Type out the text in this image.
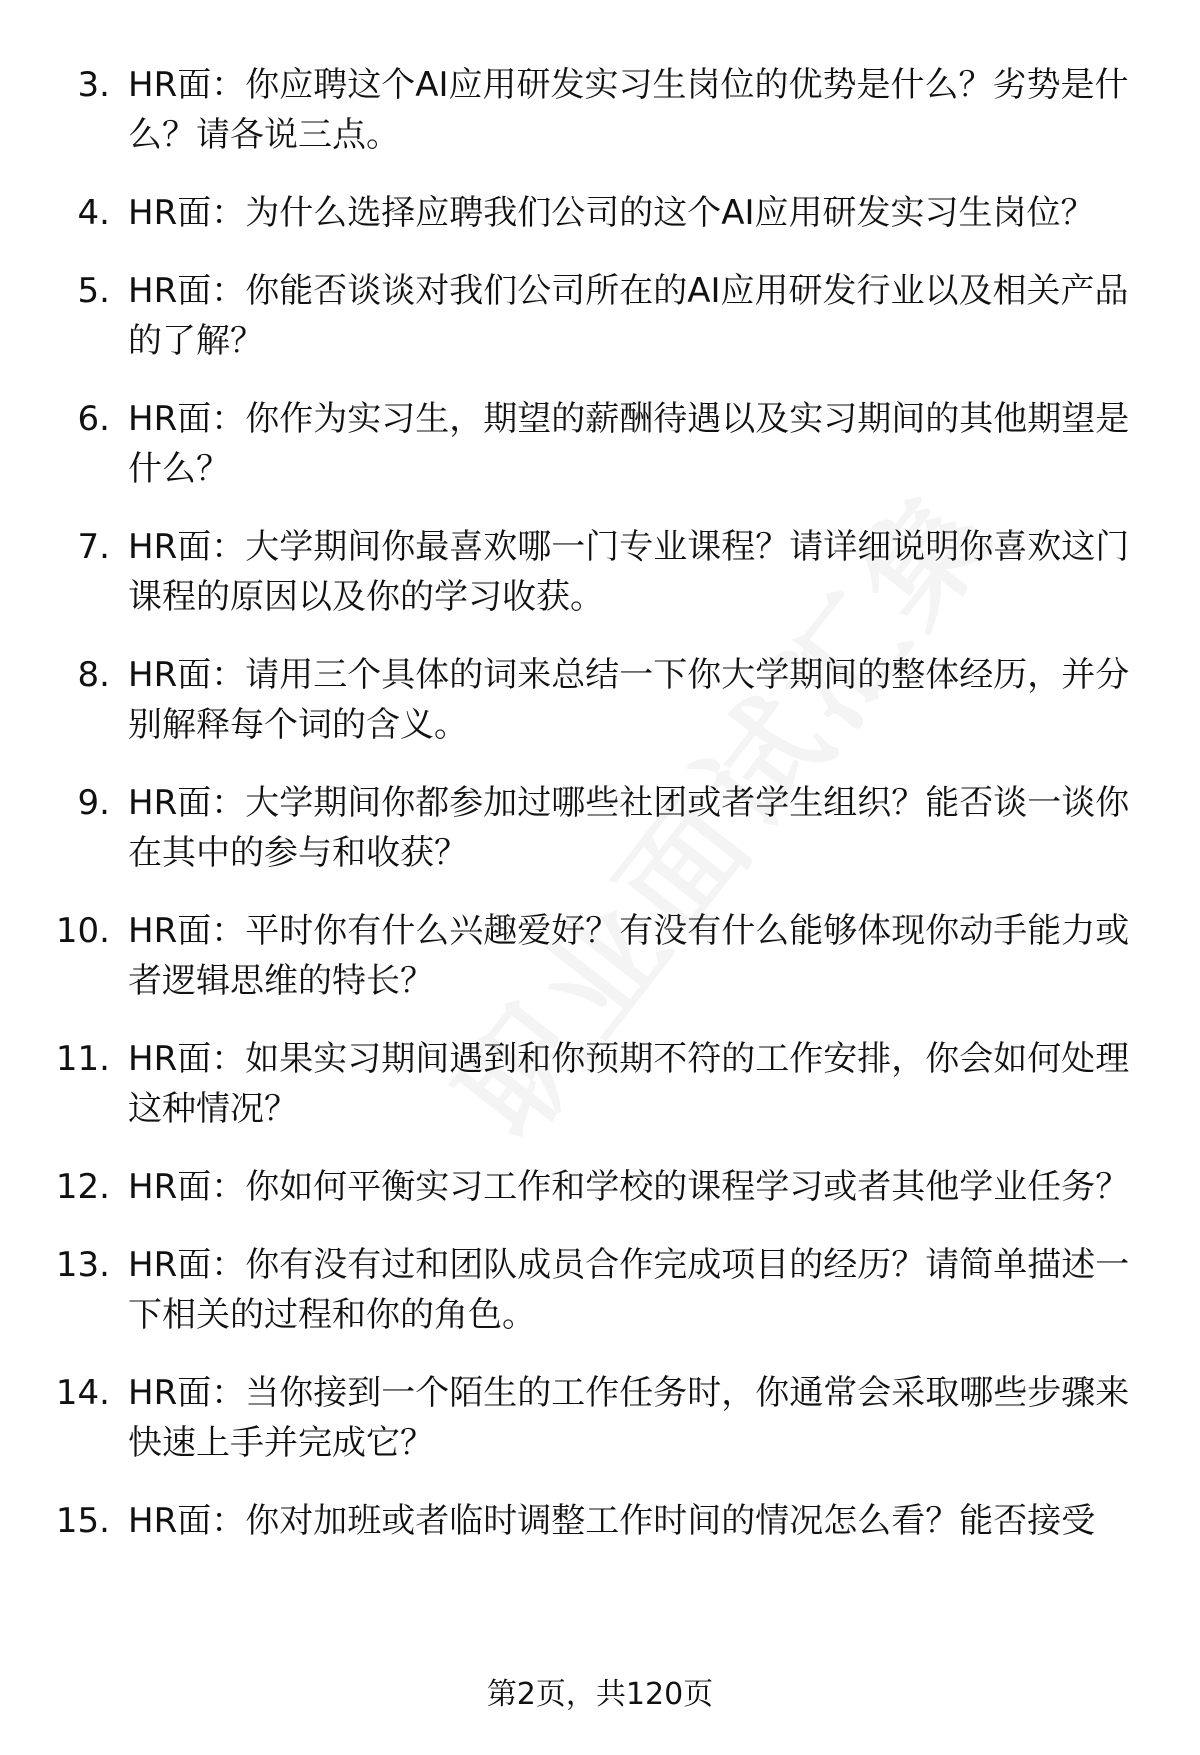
3. HR面：你应聘这个AI应用研发实习生岗位的优势是什么？劣势是什么？请各说三点。
4. HR面：为什么选择应聘我们公司的这个AI应用研发实习生岗位？
5. HR面：你能否谈谈对我们公司所在的AI应用研发行业以及相关产品的了解？
6. HR面：你作为实习生，期望的薪酬待遇以及实习期间的其他期望是什么？
7. HR面：大学期间你最喜欢哪一门专业课程？请详细说明你喜欢这门课程的原因以及你的学习收获。
8. HR面：请用三个具体的词来总结一下你大学期间的整体经历，并分别解释每个词的含义。
9. HR面：大学期间你都参加过哪些社团或者学生组织？能否谈一谈你在其中的参与和收获？
10. HR面：平时你有什么兴趣爱好？有没有什么能够体现你动手能力或者逻辑思维的特长？
11. HR面：如果实习期间遇到和你预期不符的工作安排，你会如何处理这种情况？
12. HR面：你如何平衡实习工作和学校的课程学习或者其他学业任务？
13. HR面：你有没有过和团队成员合作完成项目的经历？请简单描述一下相关的过程和你的角色。
14. HR面：当你接到一个陌生的工作任务时，你通常会采取哪些步骤来快速上手并完成它？
15. HR面：你对加班或者临时调整工作时间的情况怎么看？能否接受
第2页，共120页
